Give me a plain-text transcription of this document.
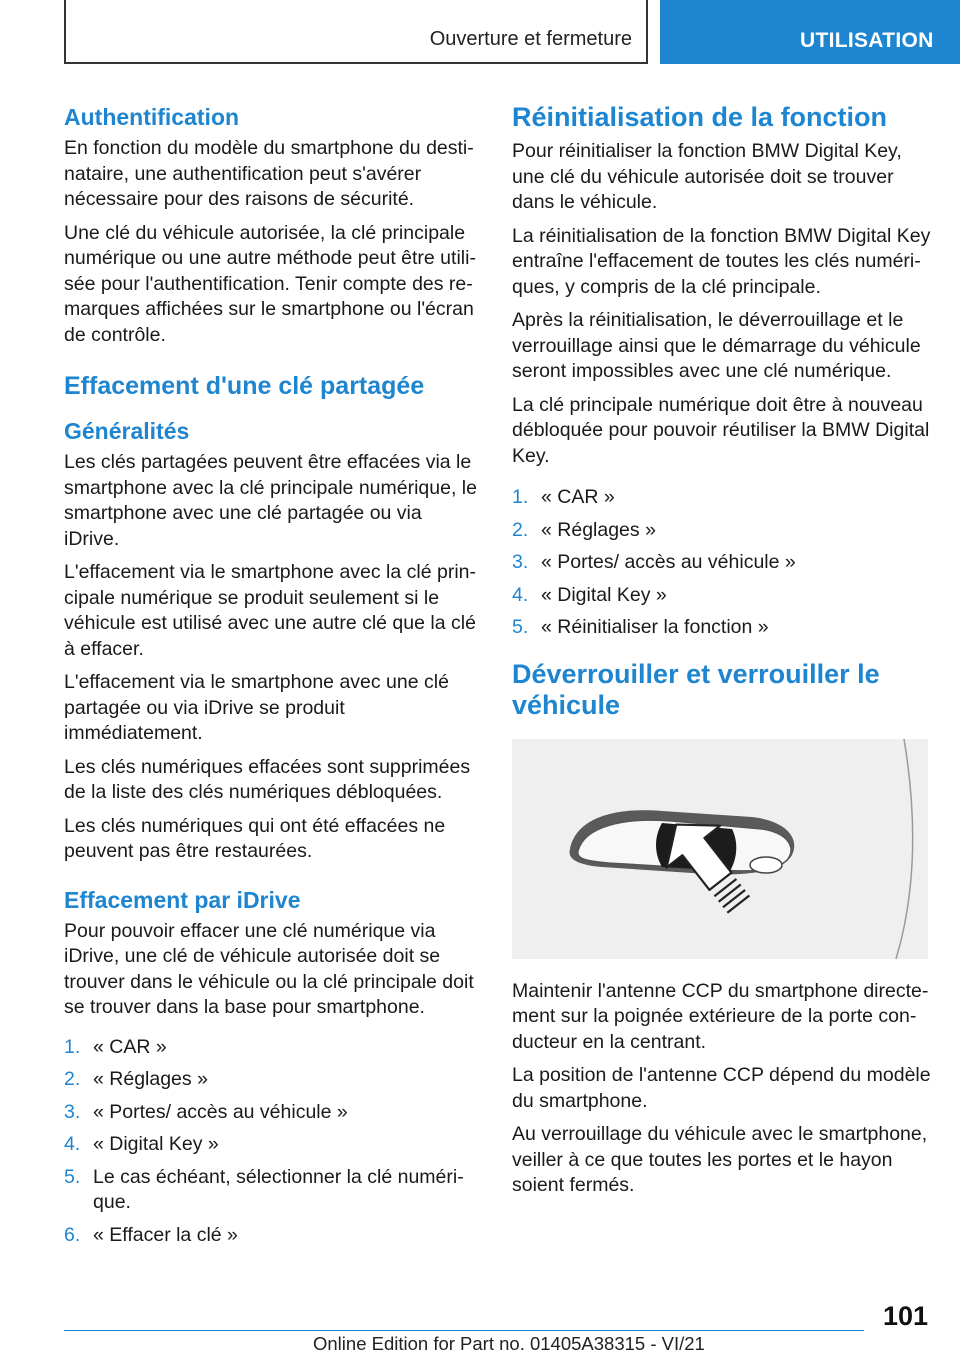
Ouverture et fermeture	UTILISATION
Authentification

En fonction du modèle du smartphone du destinataire, une authentification peut s'avérer nécessaire pour des raisons de sécurité.

Une clé du véhicule autorisée, la clé principale numérique ou une autre méthode peut être utilisée pour l'authentification. Tenir compte des remarques affichées sur le smartphone ou l'écran de contrôle.

Effacement d'une clé partagée
Généralités

Les clés partagées peuvent être effacées via le smartphone avec la clé principale numérique, le smartphone avec une clé partagée ou via iDrive.

L'effacement via le smartphone avec la clé principale numérique se produit seulement si le véhicule est utilisé avec une autre clé que la clé à effacer.

L'effacement via le smartphone avec une clé partagée ou via iDrive se produit immédiatement.

Les clés numériques effacées sont supprimées de la liste des clés numériques débloquées.

Les clés numériques qui ont été effacées ne peuvent pas être restaurées.

Effacement par iDrive

Pour pouvoir effacer une clé numérique via iDrive, une clé de véhicule autorisée doit se trouver dans le véhicule ou la clé principale doit se trouver dans la base pour smartphone.

1. « CAR »
2. « Réglages »
3. « Portes/ accès au véhicule »
4. « Digital Key »
5. Le cas échéant, sélectionner la clé numérique.
6. « Effacer la clé »
Réinitialisation de la fonction

Pour réinitialiser la fonction BMW Digital Key, une clé du véhicule autorisée doit se trouver dans le véhicule.

La réinitialisation de la fonction BMW Digital Key entraîne l'effacement de toutes les clés numériques, y compris de la clé principale.

Après la réinitialisation, le déverrouillage et le verrouillage ainsi que le démarrage du véhicule seront impossibles avec une clé numérique.

La clé principale numérique doit être à nouveau débloquée pour pouvoir réutiliser la BMW Digital Key.

1. « CAR »
2. « Réglages »
3. « Portes/ accès au véhicule »
4. « Digital Key »
5. « Réinitialiser la fonction »
Déverrouiller et verrouiller le véhicule

Maintenir l'antenne CCP du smartphone directement sur la poignée extérieure de la porte conducteur en la centrant.

La position de l'antenne CCP dépend du modèle du smartphone.

Au verrouillage du véhicule avec le smartphone, veiller à ce que toutes les portes et le hayon soient fermés.

101
Online Edition for Part no. 01405A38315 - VI/21
